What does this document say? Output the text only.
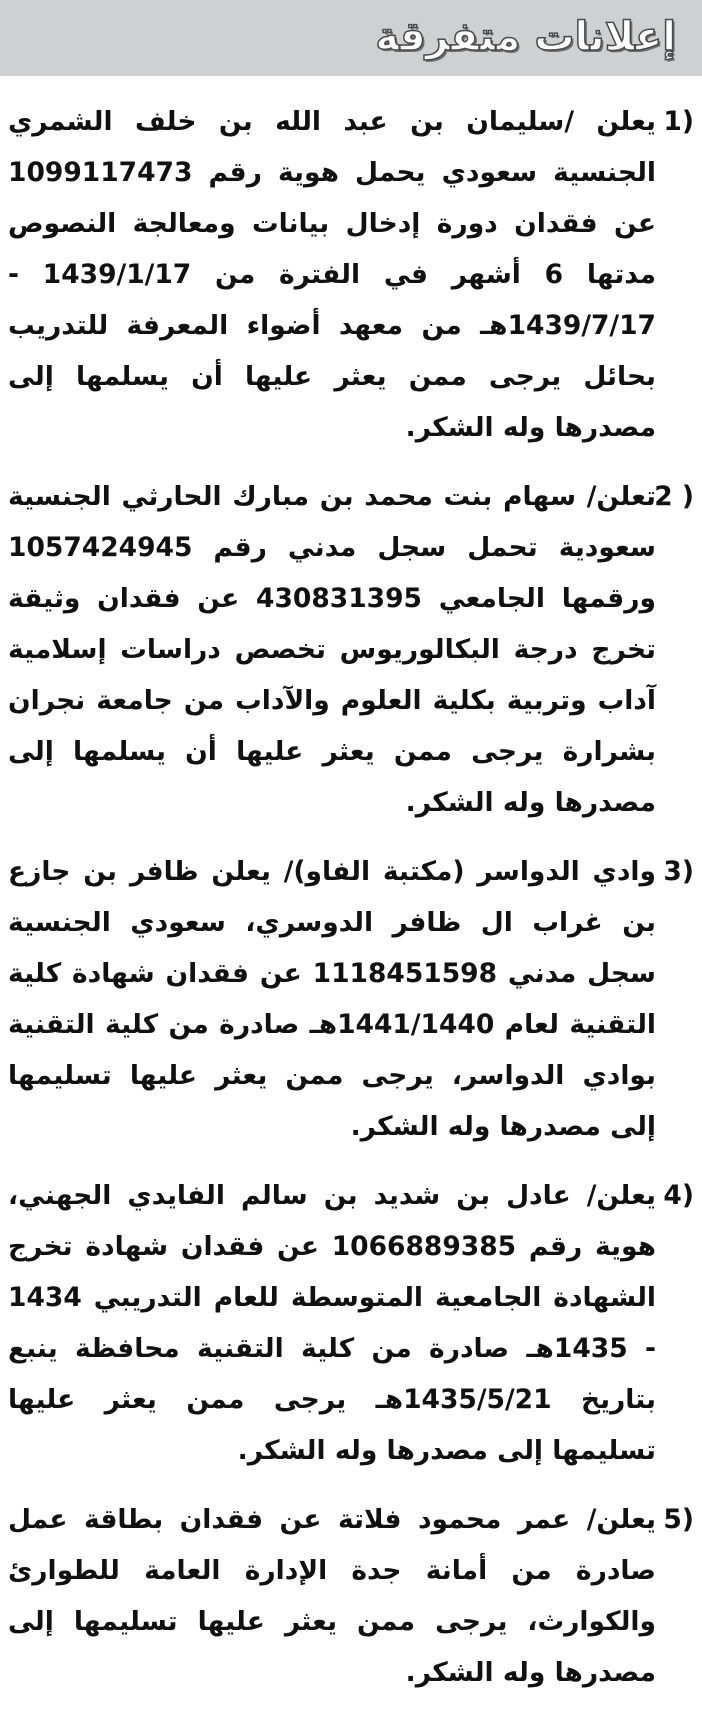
إعلانات متفرقة
1)
يعلن /سليمان بن عبد الله بن خلف الشمري الجنسية سعودي يحمل هوية رقم 1099117473 عن فقدان دورة إدخال بيانات ومعالجة النصوص مدتها 6 أشهر في الفترة من 1439/1/17 - 1439/7/17هـ من معهد أضواء المعرفة للتدريب بحائل يرجى ممن يعثر عليها أن يسلمها إلى مصدرها وله الشكر.
2 )
تعلن/ سهام بنت محمد بن مبارك الحارثي الجنسية سعودية تحمل سجل مدني رقم 1057424945 ورقمها الجامعي 430831395 عن فقدان وثيقة تخرج درجة البكالوريوس تخصص دراسات إسلامية آداب وتربية بكلية العلوم والآداب من جامعة نجران بشرارة يرجى ممن يعثر عليها أن يسلمها إلى مصدرها وله الشكر.
3)
وادي الدواسر (مكتبة الفاو)/ يعلن ظافر بن جازع بن غراب ال ظافر الدوسري، سعودي الجنسية سجل مدني 1118451598 عن فقدان شهادة كلية التقنية لعام 1441/1440هـ صادرة من كلية التقنية بوادي الدواسر، يرجى ممن يعثر عليها تسليمها إلى مصدرها وله الشكر.
4)
يعلن/ عادل بن شديد بن سالم الفايدي الجهني، هوية رقم 1066889385 عن فقدان شهادة تخرج الشهادة الجامعية المتوسطة للعام التدريبي 1434 - 1435هـ صادرة من كلية التقنية محافظة ينبع بتاريخ 1435/5/21هـ يرجى ممن يعثر عليها تسليمها إلى مصدرها وله الشكر.
5)
يعلن/ عمر محمود فلاتة عن فقدان بطاقة عمل صادرة من أمانة جدة الإدارة العامة للطوارئ والكوارث، يرجى ممن يعثر عليها تسليمها إلى مصدرها وله الشكر.
